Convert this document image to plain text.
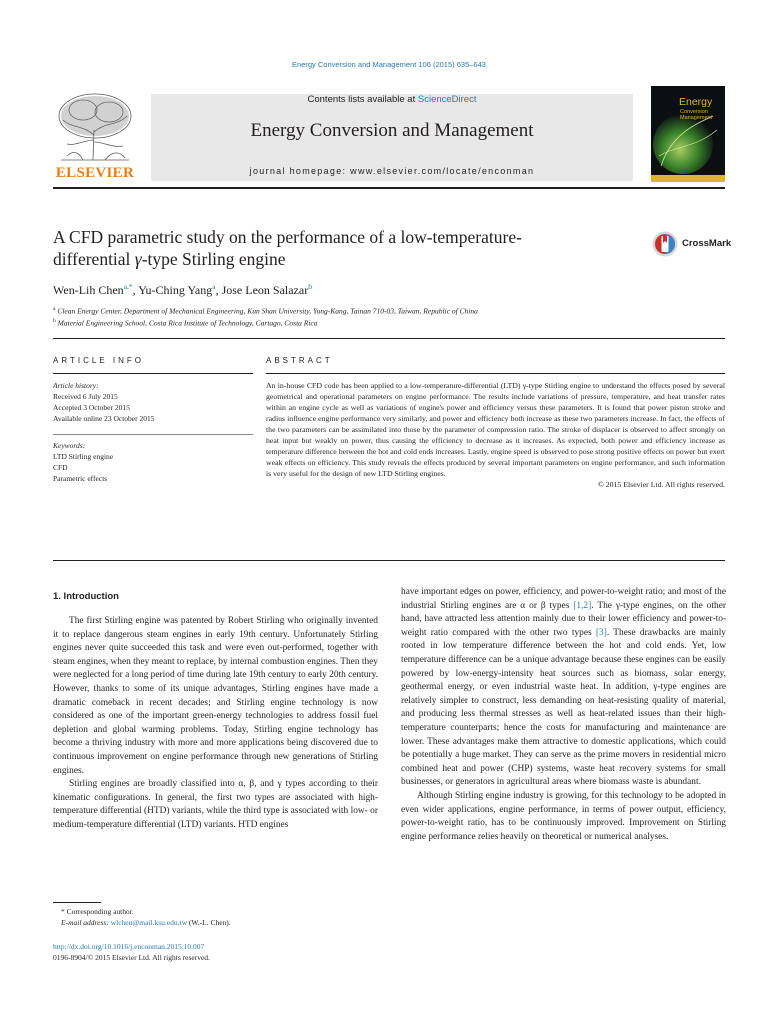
Energy Conversion and Management 106 (2015) 635–643
ELSEVIER
Contents lists available at ScienceDirect
Energy Conversion and Management
journal homepage: www.elsevier.com/locate/enconman
Energy
Conversion Management
A CFD parametric study on the performance of a low-temperature-
differential γ-type Stirling engine
CrossMark
Wen-Lih Chen$^{a,*}$, Yu-Ching Yang$^a$, Jose Leon Salazar$^b$
$^a$ Clean Energy Center, Department of Mechanical Engineering, Kun Shan University, Yung-Kang, Tainan 710-03, Taiwan, Republic of China
$^b$ Material Engineering School, Costa Rica Institute of Technology, Cartago, Costa Rica
ARTICLE INFO	ABSTRACT
Article history:
Received 6 July 2015
Accepted 3 October 2015
Available online 23 October 2015
Keywords:
LTD Stirling engine
CFD
Parametric effects
An in-house CFD code has been applied to a low-temperature-differential (LTD) γ-type Stirling engine to understand the effects posed by several geometrical and operational parameters on engine performance. The results include variations of pressure, temperature, and heat transfer rates within an engine cycle as well as variations of engine's power and efficiency versus these parameters. It is found that power piston stroke and radius influence engine performance very similarly, and power and efficiency both increase as these two parameters increase. In fact, the effects of the two parameters can be assimilated into those by the parameter of compression ratio. The stroke of displacer is observed to affect strongly on heat input but weakly on power, thus causing the efficiency to decrease as it increases. As expected, both power and efficiency increase as temperature difference between the hot and cold ends increases. Lastly, engine speed is observed to pose strong positive effects on power but exert weak effects on efficiency. This study reveals the effects produced by several important parameters on engine performance, and such information is very useful for the design of new LTD Stirling engines.
© 2015 Elsevier Ltd. All rights reserved.
1. Introduction

The first Stirling engine was patented by Robert Stirling who originally invented it to replace dangerous steam engines in early 19th century. Unfortunately Stirling engines never quite succeeded this task and were even out-performed, together with steam engines, when they meant to replace, by internal combustion engines. Then they were neglected for a long period of time during late 19th century to early 20th century. However, thanks to some of its unique advantages, Stirling engines have made a dramatic comeback in recent decades; and Stirling engine technology is now considered as one of the important green-energy technologies to address fossil fuel depletion and global warming problems. Today, Stirling engine technology has become a thriving industry with more and more applications being discovered due to continuous improvement on engine performance through new generations of Stirling engines.

Stirling engines are broadly classified into α, β, and γ types according to their kinematic configurations. In general, the first two types are associated with high-temperature differential (HTD) variants, while the third type is associated with low- or medium-temperature differential (LTD) variants. HTD engines

have important edges on power, efficiency, and power-to-weight ratio; and most of the industrial Stirling engines are α or β types [1,2]. The γ-type engines, on the other hand, have attracted less attention mainly due to their lower efficiency and power-to-weight ratio compared with the other two types [3]. These drawbacks are mainly rooted in low temperature difference between the hot and cold ends. Yet, low temperature difference can be a unique advantage because these engines can be easily powered by low-energy-intensity heat sources such as biomass, solar energy, geothermal energy, or even industrial waste heat. In addition, γ-type engines are relatively simpler to construct, less demanding on heat-resisting quality of material, and producing less thermal stresses as well as heat-related issues than their high-temperature counterparts; hence the costs for manufacturing and maintenance are lower. These advantages make them attractive to domestic applications, which could be potentially a huge market. They can serve as the prime movers in residential micro combined heat and power (CHP) systems, waste heat recovery systems for small businesses, or generators in agricultural areas where biomass waste is abundant.

Although Stirling engine industry is growing, for this technology to be adopted in even wider applications, engine performance, in terms of power output, efficiency, power-to-weight ratio, has to be continuously improved. Improvement on Stirling engine performance relies heavily on theoretical or numerical analyses.

* Corresponding author.
E-mail address: wlchen@mail.ksu.edu.tw (W.-L. Chen).
http://dx.doi.org/10.1016/j.enconman.2015.10.007
0196-8904/© 2015 Elsevier Ltd. All rights reserved.
